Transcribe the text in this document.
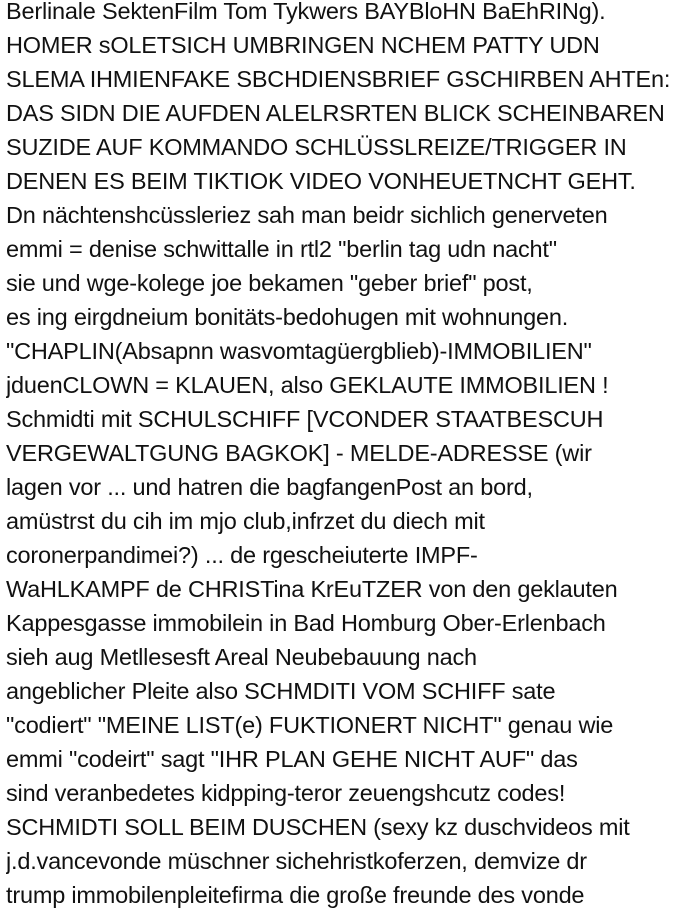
Berlinale SektenFilm Tom Tykwers BAYBloHN BaEhRINg).
HOMER sOLETSICH UMBRINGEN NCHEM PATTY UDN
SLEMA IHMIENFAKE SBCHDIENSBRIEF GSCHIRBEN AHTEn:
DAS SIDN DIE AUFDEN ALELRSRTEN BLICK SCHEINBAREN
SUZIDE AUF KOMMANDO SCHLÜSSLREIZE/TRIGGER IN
DENEN ES BEIM TIKTIOK VIDEO VONHEUETNCHT GEHT.
Dn nächtenshcüssleriez sah man beidr sichlich generveten
emmi = denise schwittalle in rtl2 "berlin tag udn nacht"
sie und wge-kolege joe bekamen "geber brief" post,
es ing eirgdneium bonitäts-bedohugen mit wohnungen.
"CHAPLIN(Absapnn wasvomtagüergblieb)-IMMOBILIEN"
jduenCLOWN = KLAUEN, also GEKLAUTE IMMOBILIEN !
Schmidti mit SCHULSCHIFF [VCONDER STAATBESCUH
VERGEWALTGUNG BAGKOK] - MELDE-ADRESSE (wir
lagen vor ... und hatren die bagfangenPost an bord,
amüstrst du cih im mjo club,infrzet du diech mit
coronerpandimei?) ... de rgescheiuterte IMPF-
WaHLKAMPF de CHRISTina KrEuTZER von den geklauten
Kappesgasse immobilein in Bad Homburg Ober-Erlenbach
sieh aug Metllesesft Areal Neubebauung nach
angeblicher Pleite also SCHMDITI VOM SCHIFF sate
"codiert" "MEINE LIST(e) FUKTIONERT NICHT" genau wie
emmi "codeirt" sagt "IHR PLAN GEHE NICHT AUF" das
sind veranbedetes kidpping-teror zeuengshcutz codes!
SCHMIDTI SOLL BEIM DUSCHEN (sexy kz duschvideos mit
j.d.vancevonde müschner sichehristkoferzen, demvize dr
trump immobilenpleitefirma die große freunde des vonde
